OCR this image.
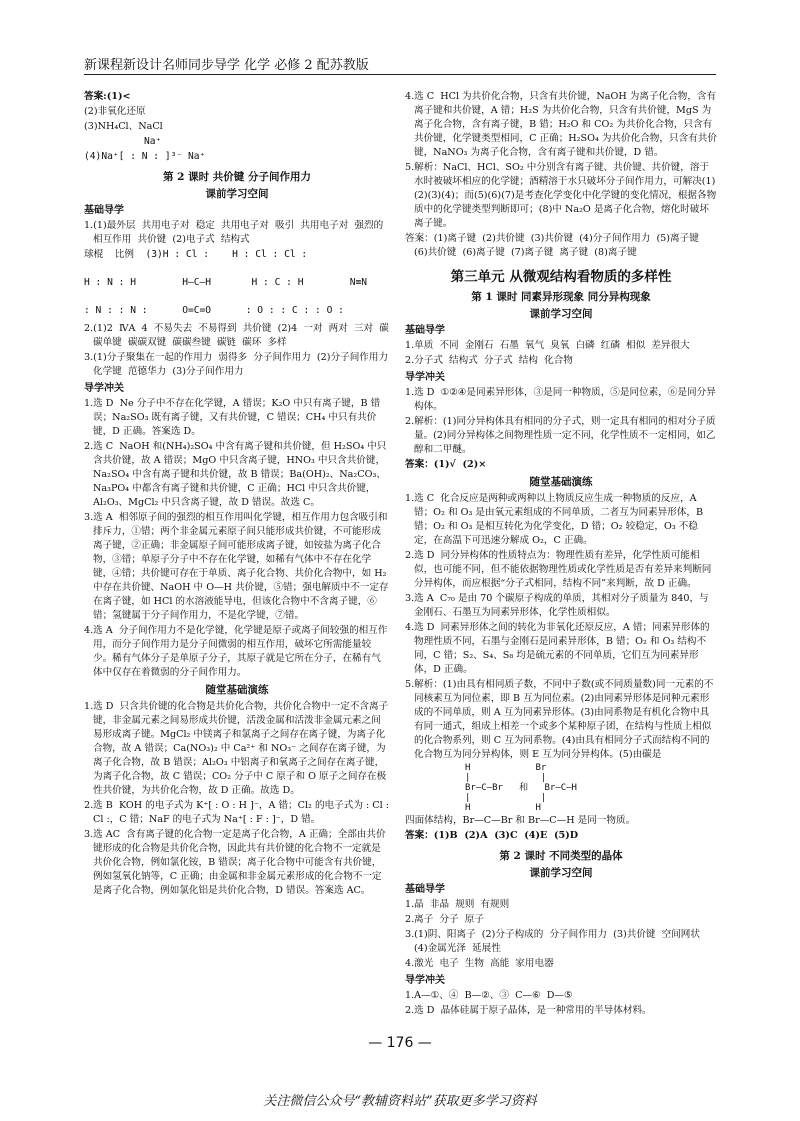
新课程新设计名师同步导学 化学 必修 2 配苏教版

答案:(1)<

(2)非氧化还原

(3)NH₄Cl、NaCl

Na⁺

(4)Na⁺[ : N : ]³⁻ Na⁺

第 2 课时 共价键 分子间作用力
课前学习空间
基础导学

1.(1)最外层  共用电子对  稳定  共用电子对  吸引  共用电子对  强烈的相互作用  共价键  (2)电子式  结构式

球棍  比例  (3)H : Cl :    H : Cl : Cl :

H : N : H        H—C—H       H : C : H        N≡N

: N : : N :      O=C=O      : O : : C : : O :

2.(1)2  ⅣA  4  不易失去  不易得到  共价键  (2)4  一对  两对  三对  碳碳单键  碳碳双键  碳碳叁键  碳链  碳环  多样

3.(1)分子聚集在一起的作用力  弱得多  分子间作用力  (2)分子间作用力  化学键  范德华力  (3)分子间作用力

导学冲关

1.选 D  Ne 分子中不存在化学键，A 错误；K₂O 中只有离子键，B 错误；Na₂SO₃ 既有离子键，又有共价键，C 错误；CH₄ 中只有共价键，D 正确。答案选 D。

2.选 C  NaOH 和(NH₄)₂SO₄ 中含有离子键和共价键，但 H₂SO₄ 中只含共价键，故 A 错误；MgO 中只含离子键，HNO₃ 中只含共价键，Na₂SO₄ 中含有离子键和共价键，故 B 错误；Ba(OH)₂、Na₂CO₃、Na₃PO₄ 中都含有离子键和共价键，C 正确；HCl 中只含共价键，Al₂O₃、MgCl₂ 中只含离子键，故 D 错误。故选 C。

3.选 A  相邻原子间的强烈的相互作用叫化学键，相互作用力包含吸引和排斥力，①错；两个非金属元素原子间只能形成共价键，不可能形成离子键，②正确；非金属原子间可能形成离子键，如铵盐为离子化合物，③错；单原子分子中不存在化学键，如稀有气体中不存在化学键，④错；共价键可存在于单质、离子化合物、共价化合物中，如 H₂ 中存在共价键、NaOH 中 O—H 共价键，⑤错；强电解质中不一定存在离子键，如 HCl 的水溶液能导电，但该化合物中不含离子键，⑥错；氢键属于分子间作用力，不是化学键，⑦错。

4.选 A  分子间作用力不是化学键，化学键是原子或离子间较强的相互作用，而分子间作用力是分子间微弱的相互作用，破坏它所需能量较少。稀有气体分子是单原子分子，其原子就是它所在分子，在稀有气体中仅存在着微弱的分子间作用力。

随堂基础演练

1.选 D  只含共价键的化合物是共价化合物，共价化合物中一定不含离子键，非金属元素之间易形成共价键，活泼金属和活泼非金属元素之间易形成离子键。MgCl₂ 中镁离子和氯离子之间存在离子键，为离子化合物，故 A 错误；Ca(NO₃)₂ 中 Ca²⁺ 和 NO₃⁻ 之间存在离子键，为离子化合物，故 B 错误；Al₂O₃ 中铝离子和氧离子之间存在离子键，为离子化合物，故 C 错误；CO₂ 分子中 C 原子和 O 原子之间存在极性共价键，为共价化合物，故 D 正确。故选 D。

2.选 B  KOH 的电子式为 K⁺[ : O : H ]⁻，A 错；Cl₂ 的电子式为 : Cl : Cl :，C 错；NaF 的电子式为 Na⁺[ : F : ]⁻，D 错。

3.选 AC  含有离子键的化合物一定是离子化合物，A 正确；全部由共价键形成的化合物是共价化合物，因此共有共价键的化合物不一定就是共价化合物，例如氯化铵，B 错误；离子化合物中可能含有共价键，例如氢氧化钠等，C 正确；由金属和非金属元素形成的化合物不一定是离子化合物，例如氯化铝是共价化合物，D 错误。答案选 AC。

4.选 C  HCl 为共价化合物，只含有共价键，NaOH 为离子化合物，含有离子键和共价键，A 错；H₂S 为共价化合物，只含有共价键，MgS 为离子化合物，含有离子键，B 错；H₂O 和 CO₂ 为共价化合物，只含有共价键，化学键类型相同，C 正确；H₂SO₄ 为共价化合物，只含有共价键，NaNO₃ 为离子化合物，含有离子键和共价键，D 错。

5.解析：NaCl、HCl、SO₂ 中分别含有离子键、共价键、共价键，溶于水时被破坏相应的化学键；酒精溶于水只破坏分子间作用力，可解决(1)(2)(3)(4)；而(5)(6)(7)是考查化学变化中化学键的变化情况，根据各物质中的化学键类型判断即可；(8)中 Na₂O 是离子化合物，熔化时破坏离子键。

答案：(1)离子键  (2)共价键  (3)共价键  (4)分子间作用力  (5)离子键  (6)共价键  (6)离子键  (7)离子键  离子键  (8)离子键

第三单元 从微观结构看物质的多样性
第 1 课时 同素异形现象 同分异构现象
课前学习空间
基础导学

1.单质  不同  金刚石  石墨  氧气  臭氧  白磷  红磷  相似  差异很大

2.分子式  结构式  分子式  结构  化合物

导学冲关

1.选 D  ①②④是同素异形体，③是同一种物质，⑤是同位素，⑥是同分异构体。

2.解析：(1)同分异构体具有相同的分子式，则一定具有相同的相对分子质量。(2)同分异构体之间物理性质一定不同，化学性质不一定相同，如乙醇和二甲醚。

答案：(1)√  (2)×

随堂基础演练

1.选 C  化合反应是两种或两种以上物质反应生成一种物质的反应，A 错；O₂ 和 O₃ 是由氧元素组成的不同单质，二者互为同素异形体，B 错；O₂ 和 O₃ 是相互转化为化学变化，D 错；O₂ 较稳定，O₃ 不稳定，在高温下可迅速分解成 O₂，C 正确。

2.选 D  同分异构体的性质特点为：物理性质有差异，化学性质可能相似，也可能不同，但不能依据物理性质或化学性质是否有差异来判断同分异构体，而应根据“分子式相同，结构不同”来判断，故 D 正确。

3.选 A  C₇₀ 是由 70 个碳原子构成的单质，其相对分子质量为 840，与金刚石、石墨互为同素异形体，化学性质相似。

4.选 D  同素异形体之间的转化为非氧化还原反应，A 错；同素异形体的物理性质不同，石墨与金刚石是同素异形体，B 错；O₂ 和 O₃ 结构不同，C 错；S₂、S₄、S₈ 均是硫元素的不同单质，它们互为同素异形体，D 正确。

5.解析：(1)由具有相同质子数，不同中子数(或不同质量数)同一元素的不同核素互为同位素，即 B 互为同位素。(2)由同素异形体是同种元素形成的不同单质，则 A 互为同素异形体。(3)由同系物是有机化合物中具有同一通式，组成上相差一个或多个某种原子团，在结构与性质上相似的化合物系列，则 C 互为同系物。(4)由具有相同分子式而结构不同的化合物互为同分异构体，则 E 互为同分异构体。(5)由碳是

H            Br
|             |
Br—C—Br   和   Br—C—H
|             |
H            H

四面体结构，Br—C—Br 和 Br—C—H 是同一物质。

答案：(1)B  (2)A  (3)C  (4)E  (5)D

第 2 课时 不同类型的晶体
课前学习空间
基础导学

1.晶  非晶  规则  有规则

2.离子  分子  原子

3.(1)阴、阳离子  (2)分子构成的  分子间作用力  (3)共价键  空间网状  (4)金属光泽  延展性

4.激光  电子  生物  高能  家用电器

导学冲关

1.A—①、④  B—②、③  C—⑥  D—⑤

2.选 D  晶体硅属于原子晶体，是一种常用的半导体材料。

— 176 —
关注微信公众号“教辅资料站”获取更多学习资料
